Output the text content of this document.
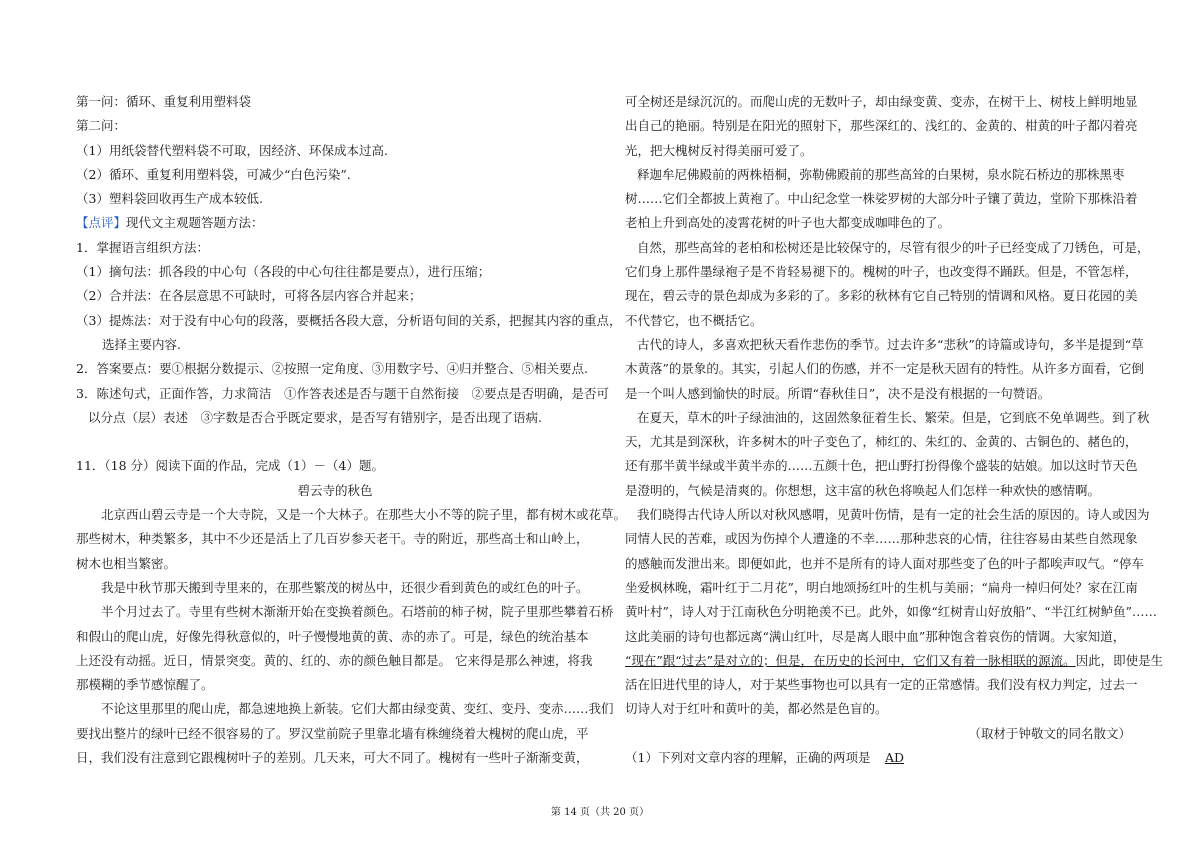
第一问：循环、重复利用塑料袋
第二问：
（1）用纸袋替代塑料袋不可取，因经济、环保成本过高.
（2）循环、重复利用塑料袋，可减少“白色污染”.
（3）塑料袋回收再生产成本较低.
【点评】现代文主观题答题方法：
1．掌握语言组织方法：
（1）摘句法：抓各段的中心句（各段的中心句往往都是要点），进行压缩；
（2）合并法：在各层意思不可缺时，可将各层内容合并起来；
（3）提炼法：对于没有中心句的段落，要概括各段大意，分析语句间的关系，把握其内容的重点，
选择主要内容.
2．答案要点：要①根据分数提示、②按照一定角度、③用数字号、④归并整合、⑤相关要点.
3．陈述句式，正面作答，力求简洁　①作答表述是否与题干自然衔接　②要点是否明确，是否可
以分点（层）表述　③字数是否合乎既定要求，是否写有错别字，是否出现了语病.
11．（18 分）阅读下面的作品，完成（1）－（4）题。
碧云寺的秋色
北京西山碧云寺是一个大寺院，又是一个大林子。在那些大小不等的院子里，都有树木或花草。
那些树木，种类繁多，其中不少还是活上了几百岁参天老干。寺的附近，那些高士和山岭上，
树木也相当繁密。
我是中秋节那天搬到寺里来的，在那些繁茂的树丛中，还很少看到黄色的或红色的叶子。
半个月过去了。寺里有些树木渐渐开始在变换着颜色。石塔前的柿子树，院子里那些攀着石桥
和假山的爬山虎，好像先得秋意似的，叶子慢慢地黄的黄、赤的赤了。可是，绿色的统治基本
上还没有动摇。近日，情景突变。黄的、红的、赤的颜色触目都是。 它来得是那么神速，将我
那模糊的季节感惊醒了。
不论这里那里的爬山虎，都急速地换上新装。它们大都由绿变黄、变红、变丹、变赤……我们
要找出整片的绿叶已经不很容易的了。罗汉堂前院子里靠北墙有株缠绕着大槐树的爬山虎，平
日，我们没有注意到它跟槐树叶子的差别。几天来，可大不同了。槐树有一些叶子渐渐变黄，
可全树还是绿沉沉的。而爬山虎的无数叶子，却由绿变黄、变赤，在树干上、树枝上鲜明地显
出自己的艳丽。特别是在阳光的照射下，那些深红的、浅红的、金黄的、柑黄的叶子都闪着亮
光，把大槐树反衬得美丽可爱了。
释迦牟尼佛殿前的两株梧桐，弥勒佛殿前的那些高耸的白果树，泉水院石桥边的那株黑枣
树……它们全都披上黄袍了。中山纪念堂一株娑罗树的大部分叶子镶了黄边，堂阶下那株沿着
老柏上升到高处的凌霄花树的叶子也大都变成咖啡色的了。
自然，那些高耸的老柏和松树还是比较保守的，尽管有很少的叶子已经变成了刀锈色，可是，
它们身上那件墨绿袍子是不肯轻易褪下的。槐树的叶子，也改变得不踊跃。但是，不管怎样，
现在，碧云寺的景色却成为多彩的了。多彩的秋林有它自己特别的情调和风格。夏日花园的美
不代替它，也不概括它。
古代的诗人，多喜欢把秋天看作悲伤的季节。过去许多“悲秋”的诗篇或诗句，多半是提到“草
木黄落”的景象的。其实，引起人们的伤感，并不一定是秋天固有的特性。从许多方面看，它倒
是一个叫人感到愉快的时辰。所谓“春秋佳日”，决不是没有根据的一句赞语。
在夏天，草木的叶子绿油油的，这固然象征着生长、繁荣。但是，它到底不免单调些。到了秋
天，尤其是到深秋，许多树木的叶子变色了，柿红的、朱红的、金黄的、古铜色的、赭色的，
还有那半黄半绿或半黄半赤的……五颜十色，把山野打扮得像个盛装的姑娘。加以这时节天色
是澄明的，气候是清爽的。你想想，这丰富的秋色将唤起人们怎样一种欢快的感情啊。
我们晓得古代诗人所以对秋风感喟，见黄叶伤情，是有一定的社会生活的原因的。诗人或因为
同情人民的苦难，或因为伤掉个人遭逢的不幸……那种悲哀的心情，往往容易由某些自然现象
的感触而发泄出来。即便如此，也并不是所有的诗人面对那些变了色的叶子都唉声叹气。“停车
坐爱枫林晚，霜叶红于二月花”，明白地颂扬红叶的生机与美丽；“扁舟一棹归何处？家在江南
黄叶村”，诗人对于江南秋色分明艳羡不已。此外，如像“红树青山好放船”、“半江红树鲈鱼”……
这此美丽的诗句也都远离“满山红叶，尽是离人眼中血”那种饱含着哀伤的情调。大家知道，
“现在”跟“过去”是对立的；但是，在历史的长河中，它们又有着一脉相联的源流。因此，即使是生
活在旧进代里的诗人，对于某些事物也可以具有一定的正常感情。我们没有权力判定，过去一
切诗人对于红叶和黄叶的美，都必然是色盲的。
（取材于钟敬文的同名散文）
（1）下列对文章内容的理解，正确的两项是 AD
第 14 页（共 20 页）
